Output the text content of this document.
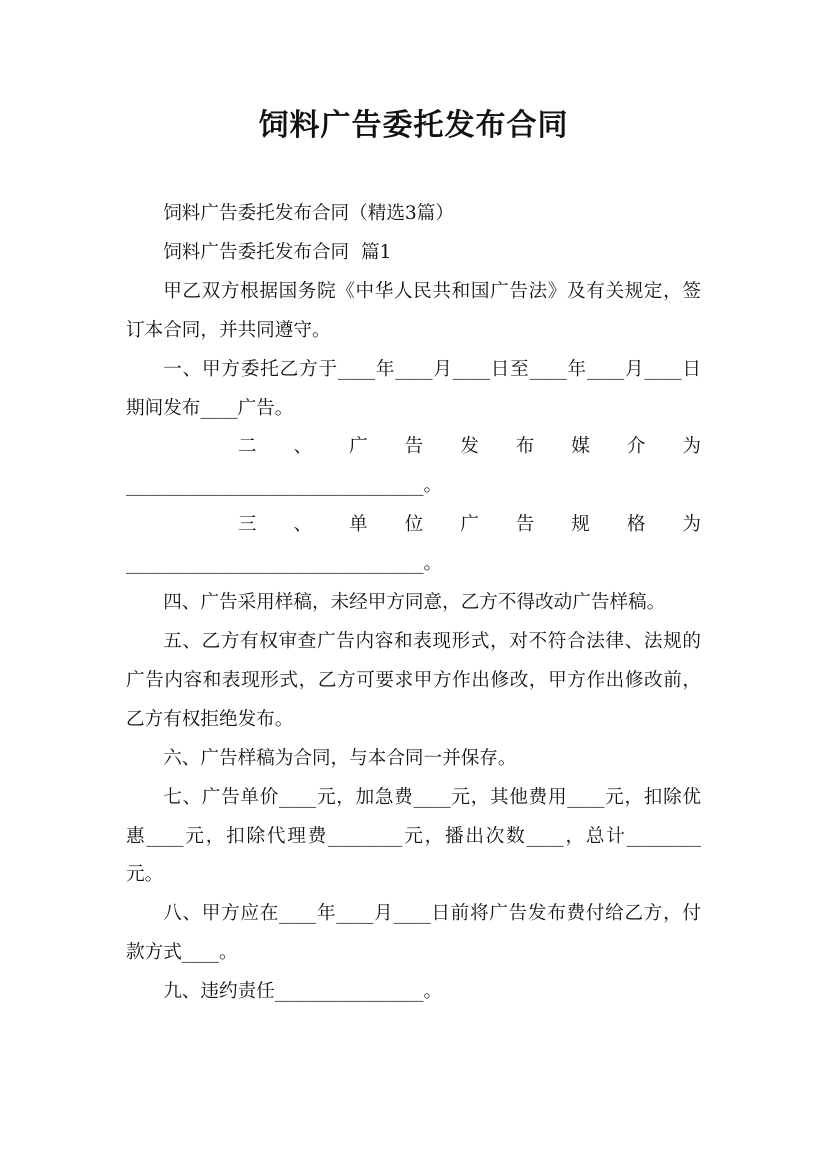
饲料广告委托发布合同

饲料广告委托发布合同（精选3篇）

饲料广告委托发布合同  篇1

甲乙双方根据国务院《中华人民共和国广告法》及有关规定，签订本合同，并共同遵守。

一、甲方委托乙方于____年____月____日至____年____月____日期间发布____广告。

二、广告发布媒介为

________________________________。

三、单位广告规格为

________________________________。

四、广告采用样稿，未经甲方同意，乙方不得改动广告样稿。

五、乙方有权审查广告内容和表现形式，对不符合法律、法规的广告内容和表现形式，乙方可要求甲方作出修改，甲方作出修改前，乙方有权拒绝发布。

六、广告样稿为合同，与本合同一并保存。

七、广告单价____元，加急费____元，其他费用____元，扣除优惠____元，扣除代理费________元，播出次数____，总计________元。

八、甲方应在____年____月____日前将广告发布费付给乙方，付款方式____。

九、违约责任________________。
